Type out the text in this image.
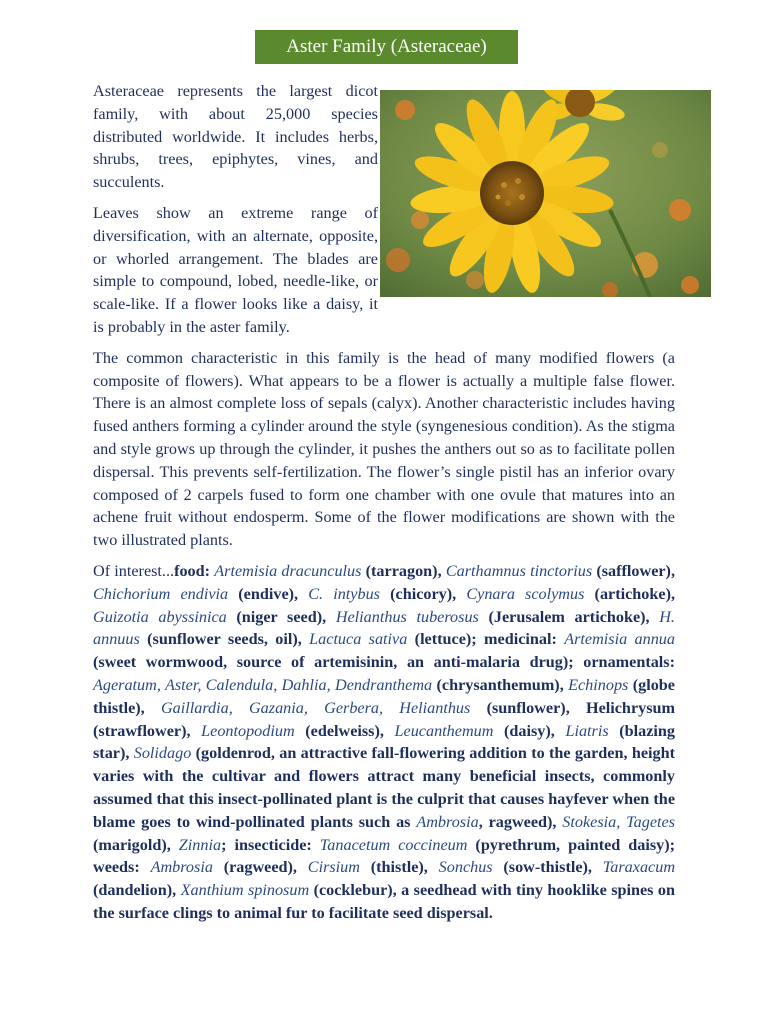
Aster Family (Asteraceae)

Asteraceae represents the largest dicot family, with about 25,000 species distributed worldwide. It includes herbs, shrubs, trees, epiphytes, vines, and succulents.

Leaves show an extreme range of diversification, with an alternate, opposite, or whorled arrangement. The blades are simple to compound, lobed, needle-like, or scale-like. If a flower looks like a daisy, it is probably in the aster family.

The common characteristic in this family is the head of many modified flowers (a composite of flowers). What appears to be a flower is actually a multiple false flower. There is an almost complete loss of sepals (calyx). Another characteristic includes having fused anthers forming a cylinder around the style (syngenesious condition). As the stigma and style grows up through the cylinder, it pushes the anthers out so as to facilitate pollen dispersal. This prevents self-fertilization. The flower’s single pistil has an inferior ovary composed of 2 carpels fused to form one chamber with one ovule that matures into an achene fruit without endosperm. Some of the flower modifications are shown with the two illustrated plants.

Of interest...food: Artemisia dracunculus (tarragon), Carthamnus tinctorius (safflower), Chichorium endivia (endive), C. intybus (chicory), Cynara scolymus (artichoke), Guizotia abyssinica (niger seed), Helianthus tuberosus (Jerusalem artichoke), H. annuus (sunflower seeds, oil), Lactuca sativa (lettuce); medicinal: Artemisia annua (sweet wormwood, source of artemisinin, an anti-malaria drug); ornamentals: Ageratum, Aster, Calendula, Dahlia, Dendranthema (chrysanthemum), Echinops (globe thistle), Gaillardia, Gazania, Gerbera, Helianthus (sunflower), Helichrysum (strawflower), Leontopodium (edelweiss), Leucanthemum (daisy), Liatris (blazing star), Solidago (goldenrod, an attractive fall-flowering addition to the garden, height varies with the cultivar and flowers attract many beneficial insects, commonly assumed that this insect-pollinated plant is the culprit that causes hayfever when the blame goes to wind-pollinated plants such as Ambrosia, ragweed), Stokesia, Tagetes (marigold), Zinnia; insecticide: Tanacetum coccineum (pyrethrum, painted daisy); weeds: Ambrosia (ragweed), Cirsium (thistle), Sonchus (sow-thistle), Taraxacum (dandelion), Xanthium spinosum (cocklebur), a seedhead with tiny hooklike spines on the surface clings to animal fur to facilitate seed dispersal.
